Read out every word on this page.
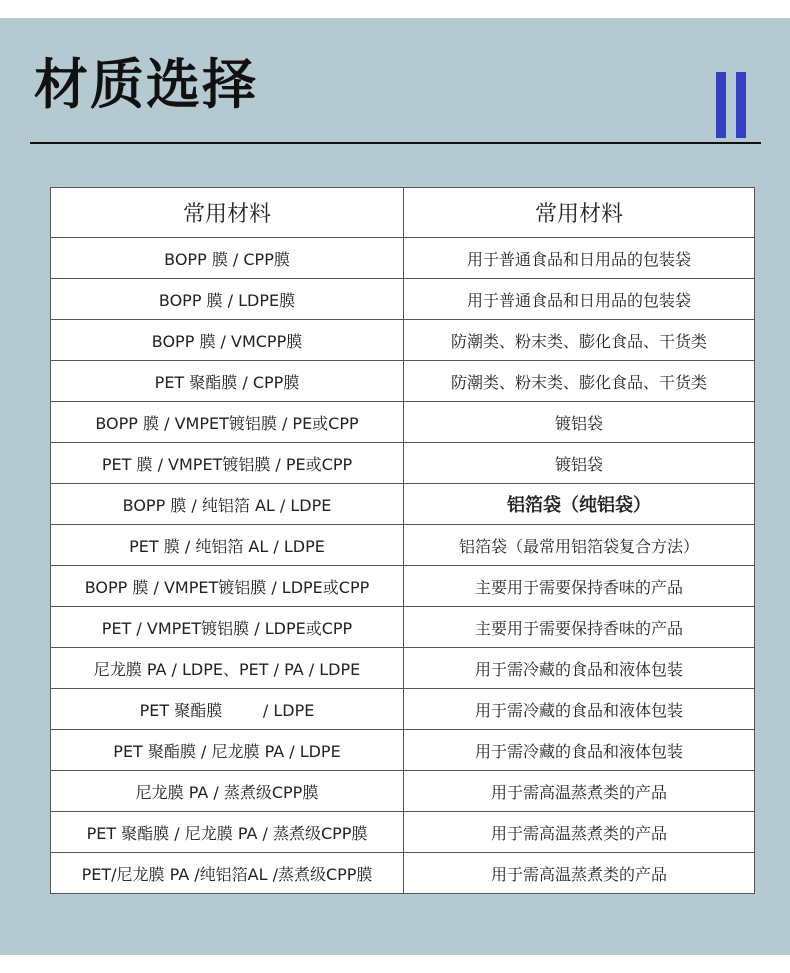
材质选择
常用材料	常用材料
BOPP 膜 / CPP膜	用于普通食品和日用品的包装袋
BOPP 膜 / LDPE膜	用于普通食品和日用品的包装袋
BOPP 膜 / VMCPP膜	防潮类、粉末类、膨化食品、干货类
PET 聚酯膜 / CPP膜	防潮类、粉末类、膨化食品、干货类
BOPP 膜 / VMPET镀铝膜 / PE或CPP	镀铝袋
PET 膜 / VMPET镀铝膜 / PE或CPP	镀铝袋
BOPP 膜 / 纯铝箔 AL / LDPE	铝箔袋（纯铝袋）
PET 膜 / 纯铝箔 AL / LDPE	铝箔袋（最常用铝箔袋复合方法）
BOPP 膜 / VMPET镀铝膜 / LDPE或CPP	主要用于需要保持香味的产品
PET / VMPET镀铝膜 / LDPE或CPP	主要用于需要保持香味的产品
尼龙膜 PA / LDPE、PET / PA / LDPE	用于需冷藏的食品和液体包装
PET 聚酯膜        / LDPE	用于需冷藏的食品和液体包装
PET 聚酯膜 / 尼龙膜 PA / LDPE	用于需冷藏的食品和液体包装
尼龙膜 PA / 蒸煮级CPP膜	用于需高温蒸煮类的产品
PET 聚酯膜 / 尼龙膜 PA / 蒸煮级CPP膜	用于需高温蒸煮类的产品
PET/尼龙膜 PA /纯铝箔AL /蒸煮级CPP膜	用于需高温蒸煮类的产品
